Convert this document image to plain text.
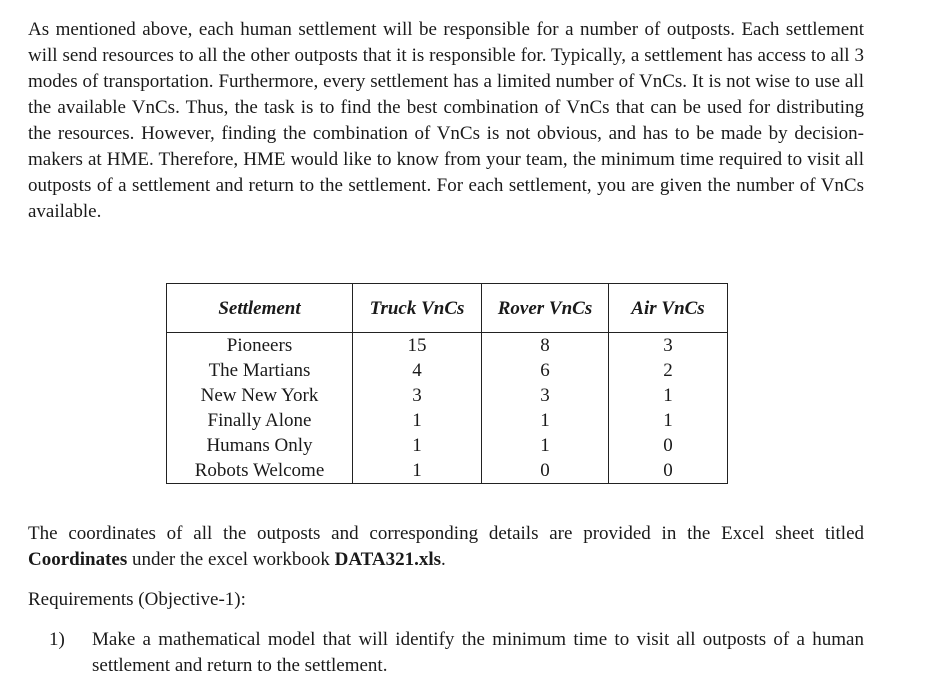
As mentioned above, each human settlement will be responsible for a number of outposts. Each settlement will send resources to all the other outposts that it is responsible for. Typically, a settlement has access to all 3 modes of transportation. Furthermore, every settlement has a limited number of VnCs. It is not wise to use all the available VnCs. Thus, the task is to find the best combination of VnCs that can be used for distributing the resources. However, finding the combination of VnCs is not obvious, and has to be made by decision-makers at HME. Therefore, HME would like to know from your team, the minimum time required to visit all outposts of a settlement and return to the settlement. For each settlement, you are given the number of VnCs available.

Settlement	Truck VnCs	Rover VnCs	Air VnCs
Pioneers	15	8	3
The Martians	4	6	2
New New York	3	3	1
Finally Alone	1	1	1
Humans Only	1	1	0
Robots Welcome	1	0	0

The coordinates of all the outposts and corresponding details are provided in the Excel sheet titled Coordinates under the excel workbook DATA321.xls.

Requirements (Objective-1):

1) Make a mathematical model that will identify the minimum time to visit all outposts of a human settlement and return to the settlement.
